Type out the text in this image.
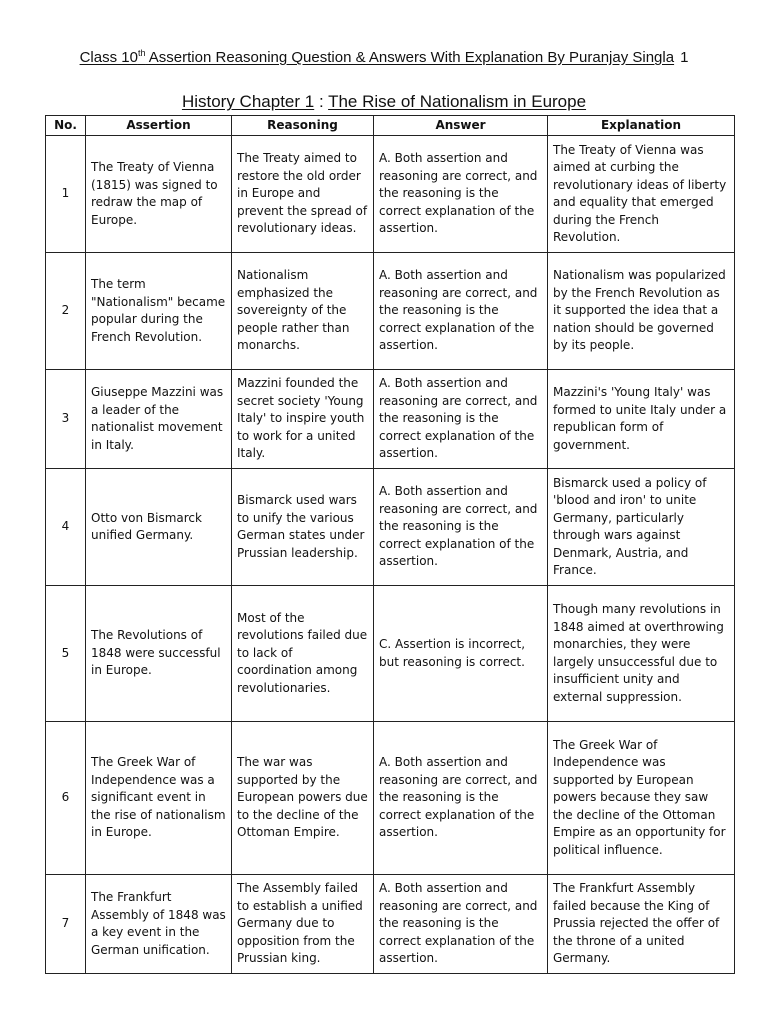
Class 10th Assertion Reasoning Question & Answers With Explanation By Puranjay Singla 1
History Chapter 1 : The Rise of Nationalism in Europe
No.	Assertion	Reasoning	Answer	Explanation
1	The Treaty of Vienna (1815) was signed to redraw the map of Europe.	The Treaty aimed to restore the old order in Europe and prevent the spread of revolutionary ideas.	A. Both assertion and reasoning are correct, and the reasoning is the correct explanation of the assertion.	The Treaty of Vienna was aimed at curbing the revolutionary ideas of liberty and equality that emerged during the French Revolution.
2	The term "Nationalism" became popular during the French Revolution.	Nationalism emphasized the sovereignty of the people rather than monarchs.	A. Both assertion and reasoning are correct, and the reasoning is the correct explanation of the assertion.	Nationalism was popularized by the French Revolution as it supported the idea that a nation should be governed by its people.
3	Giuseppe Mazzini was a leader of the nationalist movement in Italy.	Mazzini founded the secret society 'Young Italy' to inspire youth to work for a united Italy.	A. Both assertion and reasoning are correct, and the reasoning is the correct explanation of the assertion.	Mazzini's 'Young Italy' was formed to unite Italy under a republican form of government.
4	Otto von Bismarck unified Germany.	Bismarck used wars to unify the various German states under Prussian leadership.	A. Both assertion and reasoning are correct, and the reasoning is the correct explanation of the assertion.	Bismarck used a policy of 'blood and iron' to unite Germany, particularly through wars against Denmark, Austria, and France.
5	The Revolutions of 1848 were successful in Europe.	Most of the revolutions failed due to lack of coordination among revolutionaries.	C. Assertion is incorrect, but reasoning is correct.	Though many revolutions in 1848 aimed at overthrowing monarchies, they were largely unsuccessful due to insufficient unity and external suppression.
6	The Greek War of Independence was a significant event in the rise of nationalism in Europe.	The war was supported by the European powers due to the decline of the Ottoman Empire.	A. Both assertion and reasoning are correct, and the reasoning is the correct explanation of the assertion.	The Greek War of Independence was supported by European powers because they saw the decline of the Ottoman Empire as an opportunity for political influence.
7	The Frankfurt Assembly of 1848 was a key event in the German unification.	The Assembly failed to establish a unified Germany due to opposition from the Prussian king.	A. Both assertion and reasoning are correct, and the reasoning is the correct explanation of the assertion.	The Frankfurt Assembly failed because the King of Prussia rejected the offer of the throne of a united Germany.
